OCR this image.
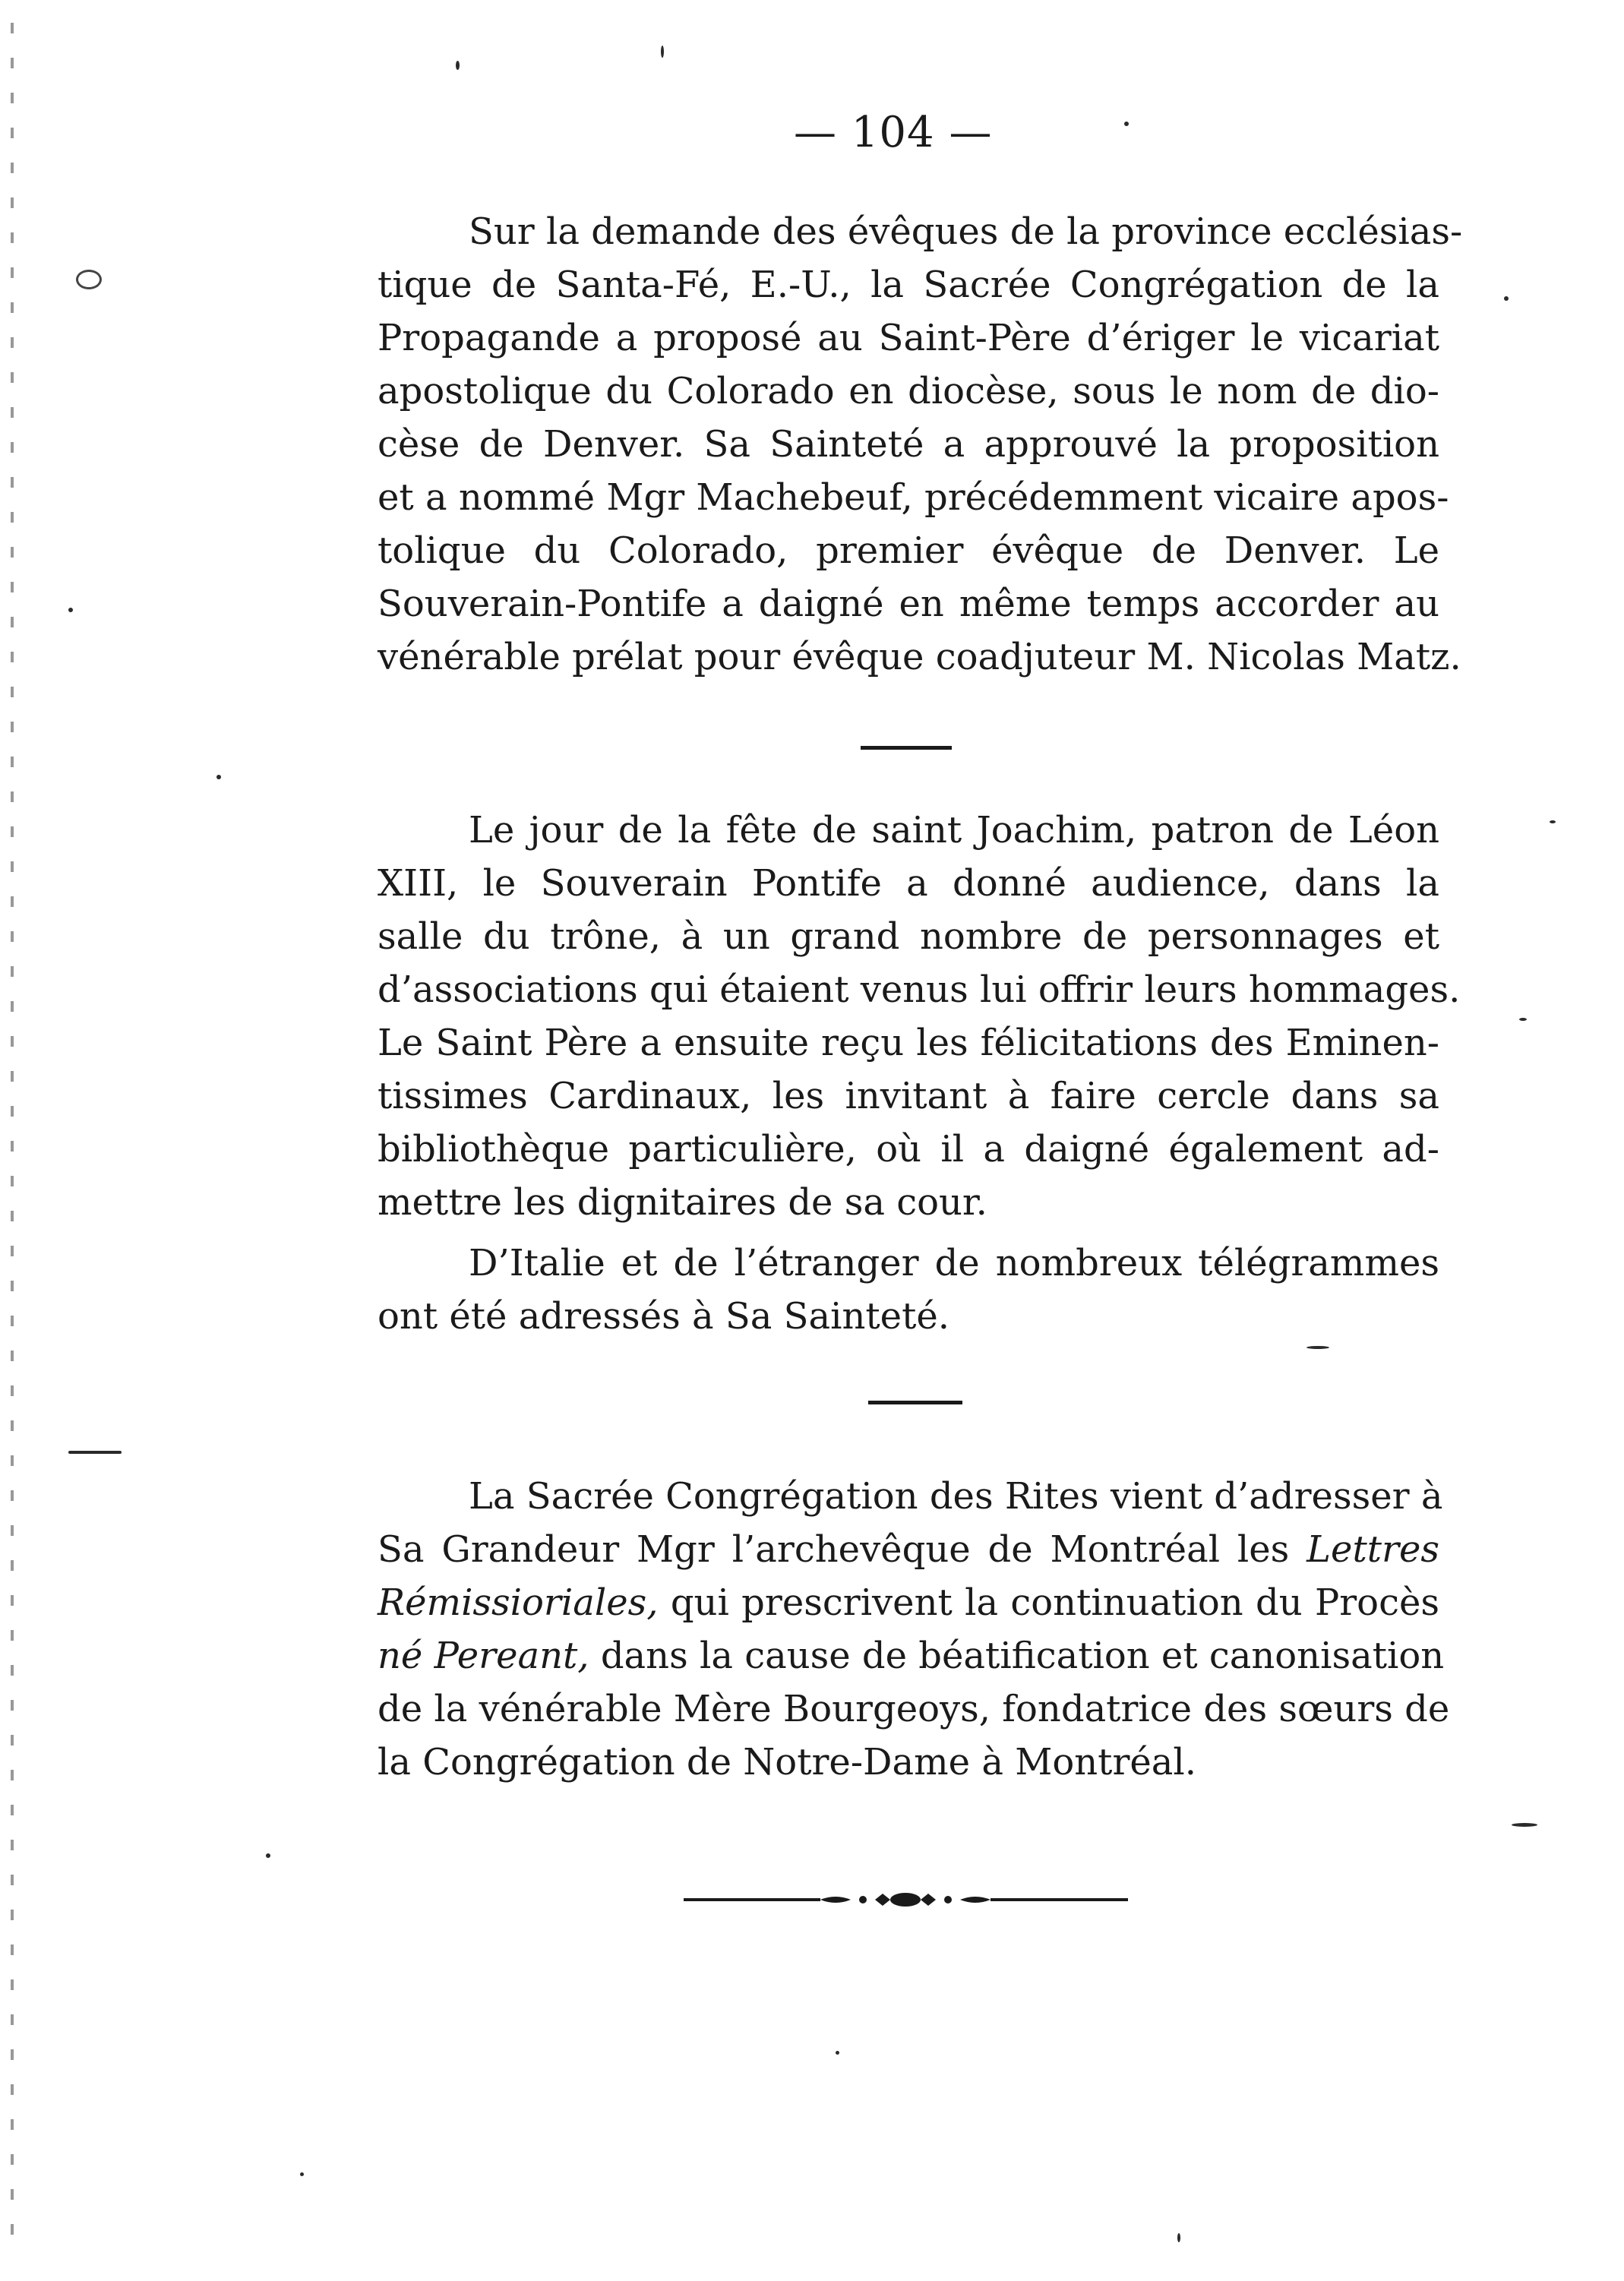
— 104 —
Sur la demande des évêques de la province ecclésias-
tique de Santa-Fé, E.-U., la Sacrée Congrégation de la
Propagande a proposé au Saint-Père d’ériger le vicariat
apostolique du Colorado en diocèse, sous le nom de dio-
cèse de Denver. Sa Sainteté a approuvé la proposition
et a nommé Mgr Machebeuf, précédemment vicaire apos-
tolique du Colorado, premier évêque de Denver. Le
Souverain-Pontife a daigné en même temps accorder au
vénérable prélat pour évêque coadjuteur M. Nicolas Matz.
Le jour de la fête de saint Joachim, patron de Léon
XIII, le Souverain Pontife a donné audience, dans la
salle du trône, à un grand nombre de personnages et
d’associations qui étaient venus lui offrir leurs hommages.
Le Saint Père a ensuite reçu les félicitations des Eminen-
tissimes Cardinaux, les invitant à faire cercle dans sa
bibliothèque particulière, où il a daigné également ad-
mettre les dignitaires de sa cour.
D’Italie et de l’étranger de nombreux télégrammes
ont été adressés à Sa Sainteté.
La Sacrée Congrégation des Rites vient d’adresser à
Sa Grandeur Mgr l’archevêque de Montréal les Lettres
Rémissioriales, qui prescrivent la continuation du Procès
né Pereant, dans la cause de béatification et canonisation
de la vénérable Mère Bourgeoys, fondatrice des sœurs de
la Congrégation de Notre-Dame à Montréal.
